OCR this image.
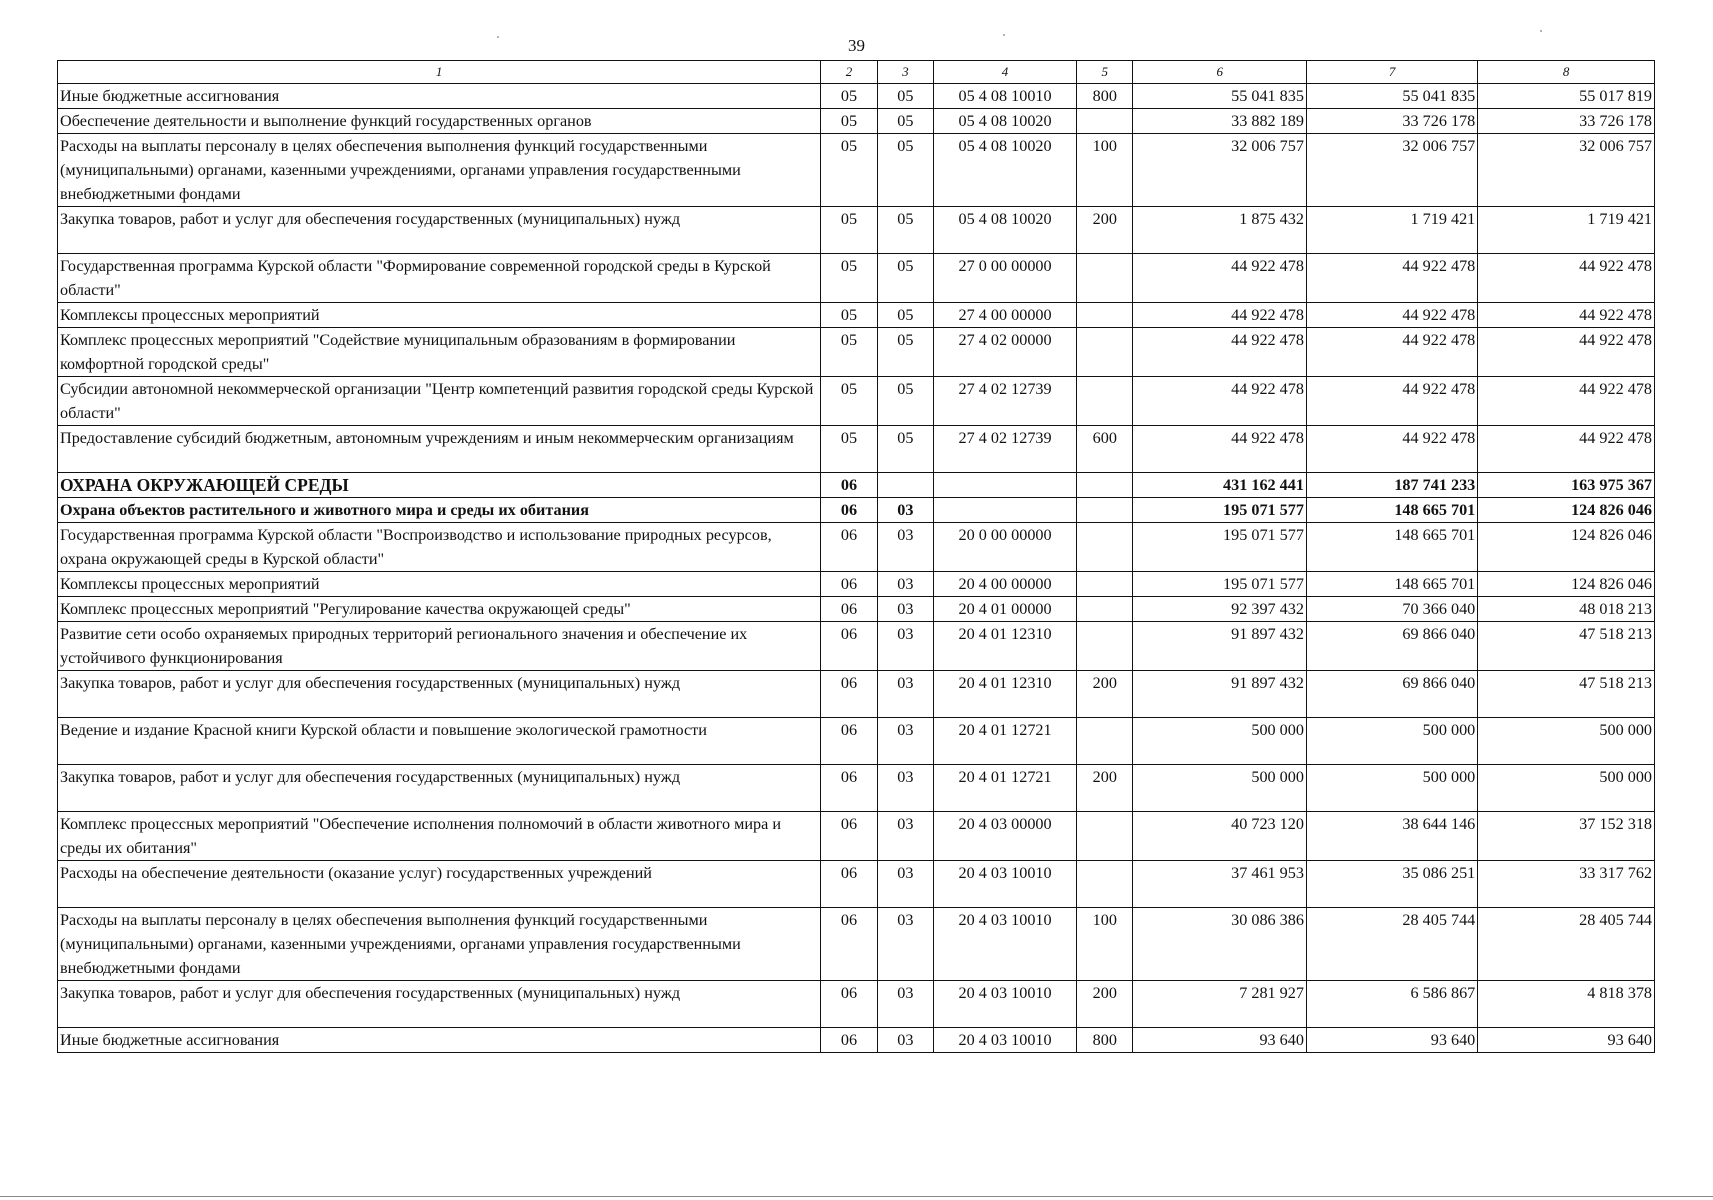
39
1	2	3	4	5	6	7	8
Иные бюджетные ассигнования	05	05	05 4 08 10010	800	55 041 835	55 041 835	55 017 819
Обеспечение деятельности и выполнение функций государственных органов	05	05	05 4 08 10020		33 882 189	33 726 178	33 726 178
Расходы на выплаты персоналу в целях обеспечения выполнения функций государственными (муниципальными) органами, казенными учреждениями, органами управления государственными внебюджетными фондами	05	05	05 4 08 10020	100	32 006 757	32 006 757	32 006 757
Закупка товаров, работ и услуг для обеспечения государственных (муниципальных) нужд	05	05	05 4 08 10020	200	1 875 432	1 719 421	1 719 421
Государственная программа Курской области "Формирование современной городской среды в Курской области"	05	05	27 0 00 00000		44 922 478	44 922 478	44 922 478
Комплексы процессных мероприятий	05	05	27 4 00 00000		44 922 478	44 922 478	44 922 478
Комплекс процессных мероприятий "Содействие муниципальным образованиям в формировании комфортной городской среды"	05	05	27 4 02 00000		44 922 478	44 922 478	44 922 478
Субсидии автономной некоммерческой организации "Центр компетенций развития городской среды Курской области"	05	05	27 4 02 12739		44 922 478	44 922 478	44 922 478
Предоставление субсидий бюджетным, автономным учреждениям и иным некоммерческим организациям	05	05	27 4 02 12739	600	44 922 478	44 922 478	44 922 478
ОХРАНА ОКРУЖАЮЩЕЙ СРЕДЫ	06				431 162 441	187 741 233	163 975 367
Охрана объектов растительного и животного мира и среды их обитания	06	03			195 071 577	148 665 701	124 826 046
Государственная программа Курской области "Воспроизводство и использование природных ресурсов, охрана окружающей среды в Курской области"	06	03	20 0 00 00000		195 071 577	148 665 701	124 826 046
Комплексы процессных мероприятий	06	03	20 4 00 00000		195 071 577	148 665 701	124 826 046
Комплекс процессных мероприятий "Регулирование качества окружающей среды"	06	03	20 4 01 00000		92 397 432	70 366 040	48 018 213
Развитие сети особо охраняемых природных территорий регионального значения и обеспечение их устойчивого функционирования	06	03	20 4 01 12310		91 897 432	69 866 040	47 518 213
Закупка товаров, работ и услуг для обеспечения государственных (муниципальных) нужд	06	03	20 4 01 12310	200	91 897 432	69 866 040	47 518 213
Ведение и издание Красной книги Курской области и повышение экологической грамотности	06	03	20 4 01 12721		500 000	500 000	500 000
Закупка товаров, работ и услуг для обеспечения государственных (муниципальных) нужд	06	03	20 4 01 12721	200	500 000	500 000	500 000
Комплекс процессных мероприятий "Обеспечение исполнения полномочий в области животного мира и среды их обитания"	06	03	20 4 03 00000		40 723 120	38 644 146	37 152 318
Расходы на обеспечение деятельности (оказание услуг) государственных учреждений	06	03	20 4 03 10010		37 461 953	35 086 251	33 317 762
Расходы на выплаты персоналу в целях обеспечения выполнения функций государственными (муниципальными) органами, казенными учреждениями, органами управления государственными внебюджетными фондами	06	03	20 4 03 10010	100	30 086 386	28 405 744	28 405 744
Закупка товаров, работ и услуг для обеспечения государственных (муниципальных) нужд	06	03	20 4 03 10010	200	7 281 927	6 586 867	4 818 378
Иные бюджетные ассигнования	06	03	20 4 03 10010	800	93 640	93 640	93 640
